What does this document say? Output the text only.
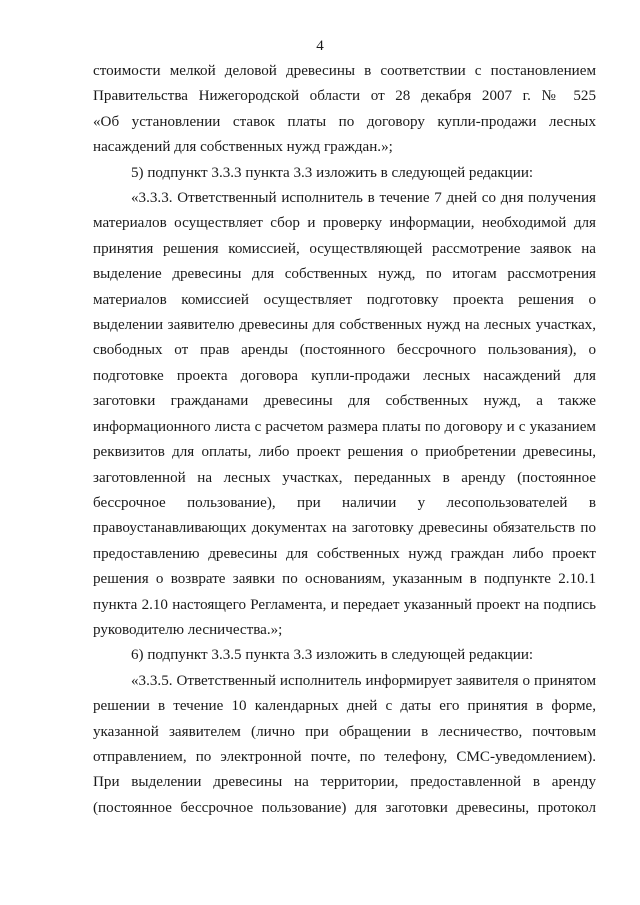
4

стоимости мелкой деловой древесины в соответствии с постановлением

Правительства Нижегородской области от 28 декабря 2007 г. № 525

«Об установлении ставок платы по договору купли-продажи лесных

насаждений для собственных нужд граждан.»;

5) подпункт 3.3.3 пункта 3.3 изложить в следующей редакции:

«3.3.3. Ответственный исполнитель в течение 7 дней со дня получения

материалов осуществляет сбор и проверку информации, необходимой для

принятия решения комиссией, осуществляющей рассмотрение заявок на

выделение древесины для собственных нужд, по итогам рассмотрения

материалов комиссией осуществляет подготовку проекта решения о

выделении заявителю древесины для собственных нужд на лесных участках,

свободных от прав аренды (постоянного бессрочного пользования), о

подготовке проекта договора купли-продажи лесных насаждений для

заготовки гражданами древесины для собственных нужд, а также

информационного листа с расчетом размера платы по договору и с указанием

реквизитов для оплаты, либо проект решения о приобретении древесины,

заготовленной на лесных участках, переданных в аренду (постоянное

бессрочное пользование), при наличии у лесопользователей в

правоустанавливающих документах на заготовку древесины обязательств по

предоставлению древесины для собственных нужд граждан либо проект

решения о возврате заявки по основаниям, указанным в подпункте 2.10.1

пункта 2.10 настоящего Регламента, и передает указанный проект на подпись

руководителю лесничества.»;

6) подпункт 3.3.5 пункта 3.3 изложить в следующей редакции:

«3.3.5. Ответственный исполнитель информирует заявителя о принятом

решении в течение 10 календарных дней с даты его принятия в форме,

указанной заявителем (лично при обращении в лесничество, почтовым

отправлением, по электронной почте, по телефону, СМС-уведомлением).

При выделении древесины на территории, предоставленной в аренду

(постоянное бессрочное пользование) для заготовки древесины, протокол
